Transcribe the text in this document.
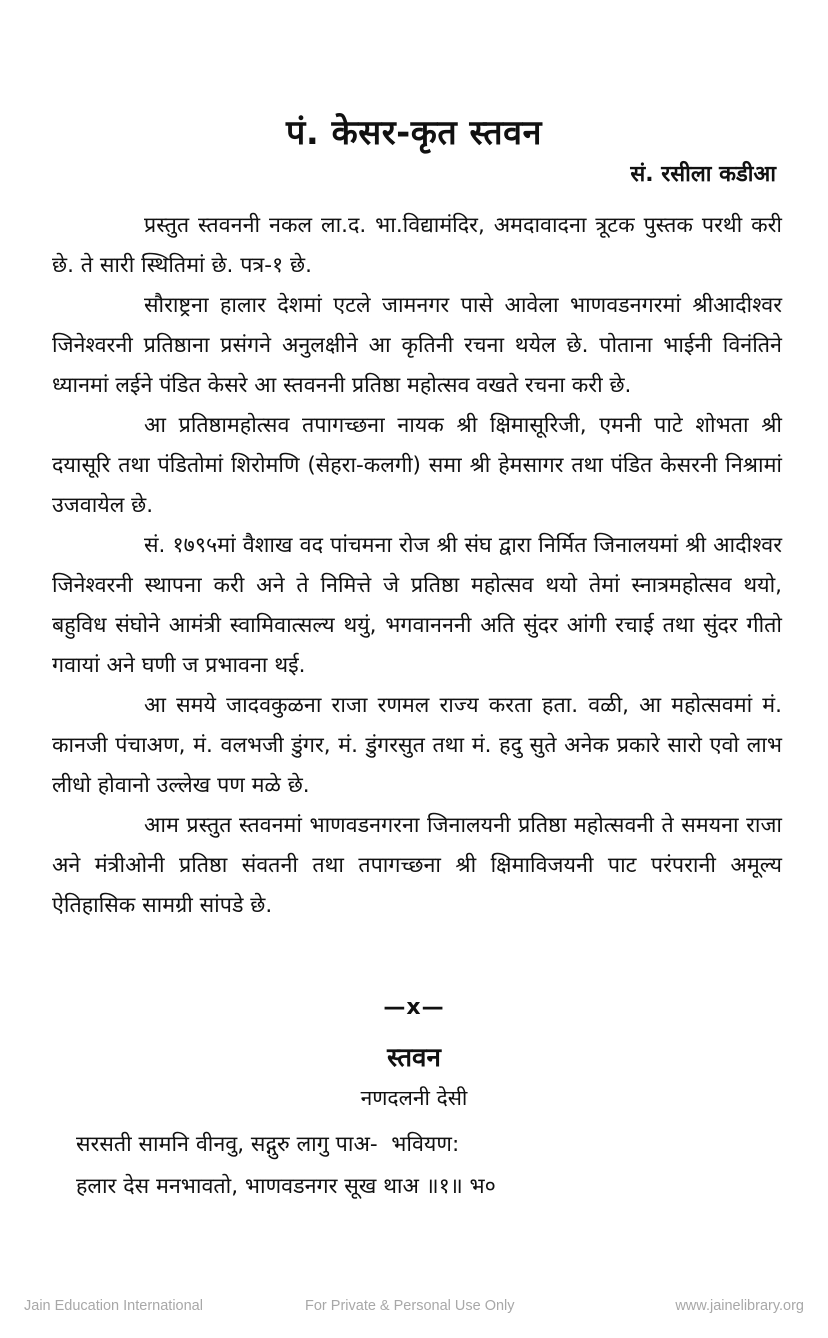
पं. केसर-कृत स्तवन
सं. रसीला कडीआ

प्रस्तुत स्तवननी नकल ला.द. भा.विद्यामंदिर, अमदावादना त्रूटक पुस्तक परथी करी छे. ते सारी स्थितिमां छे. पत्र-१ छे.

सौराष्ट्रना हालार देशमां एटले जामनगर पासे आवेला भाणवडनगरमां श्रीआदीश्वर जिनेश्वरनी प्रतिष्ठाना प्रसंगने अनुलक्षीने आ कृतिनी रचना थयेल छे. पोताना भाईनी विनंतिने ध्यानमां लईने पंडित केसरे आ स्तवननी प्रतिष्ठा महोत्सव वखते रचना करी छे.

आ प्रतिष्ठामहोत्सव तपागच्छना नायक श्री क्षिमासूरिजी, एमनी पाटे शोभता श्री दयासूरि तथा पंडितोमां शिरोमणि (सेहरा-कलगी) समा श्री हेमसागर तथा पंडित केसरनी निश्रामां उजवायेल छे.

सं. १७९५मां वैशाख वद पांचमना रोज श्री संघ द्वारा निर्मित जिनालयमां श्री आदीश्वर जिनेश्वरनी स्थापना करी अने ते निमित्ते जे प्रतिष्ठा महोत्सव थयो तेमां स्नात्रमहोत्सव थयो, बहुविध संघोने आमंत्री स्वामिवात्सल्य थयुं, भगवानननी अति सुंदर आंगी रचाई तथा सुंदर गीतो गवायां अने घणी ज प्रभावना थई.

आ समये जादवकुळना राजा रणमल राज्य करता हता. वळी, आ महोत्सवमां मं. कानजी पंचाअण, मं. वलभजी डुंगर, मं. डुंगरसुत तथा मं. हदु सुते अनेक प्रकारे सारो एवो लाभ लीधो होवानो उल्लेख पण मळे छे.

आम प्रस्तुत स्तवनमां भाणवडनगरना जिनालयनी प्रतिष्ठा महोत्सवनी ते समयना राजा अने मंत्रीओनी प्रतिष्ठा संवतनी तथा तपागच्छना श्री क्षिमाविजयनी पाट परंपरानी अमूल्य ऐतिहासिक सामग्री सांपडे छे.

—x—
स्तवन
नणदलनी देसी
सरसती सामनि वीनवु, सद्गुरु लागु पाअ-  भवियण:
हलार देस मनभावतो, भाणवडनगर सूख थाअ ॥१॥ भ०
Jain Education International	For Private & Personal Use Only	www.jainelibrary.org
